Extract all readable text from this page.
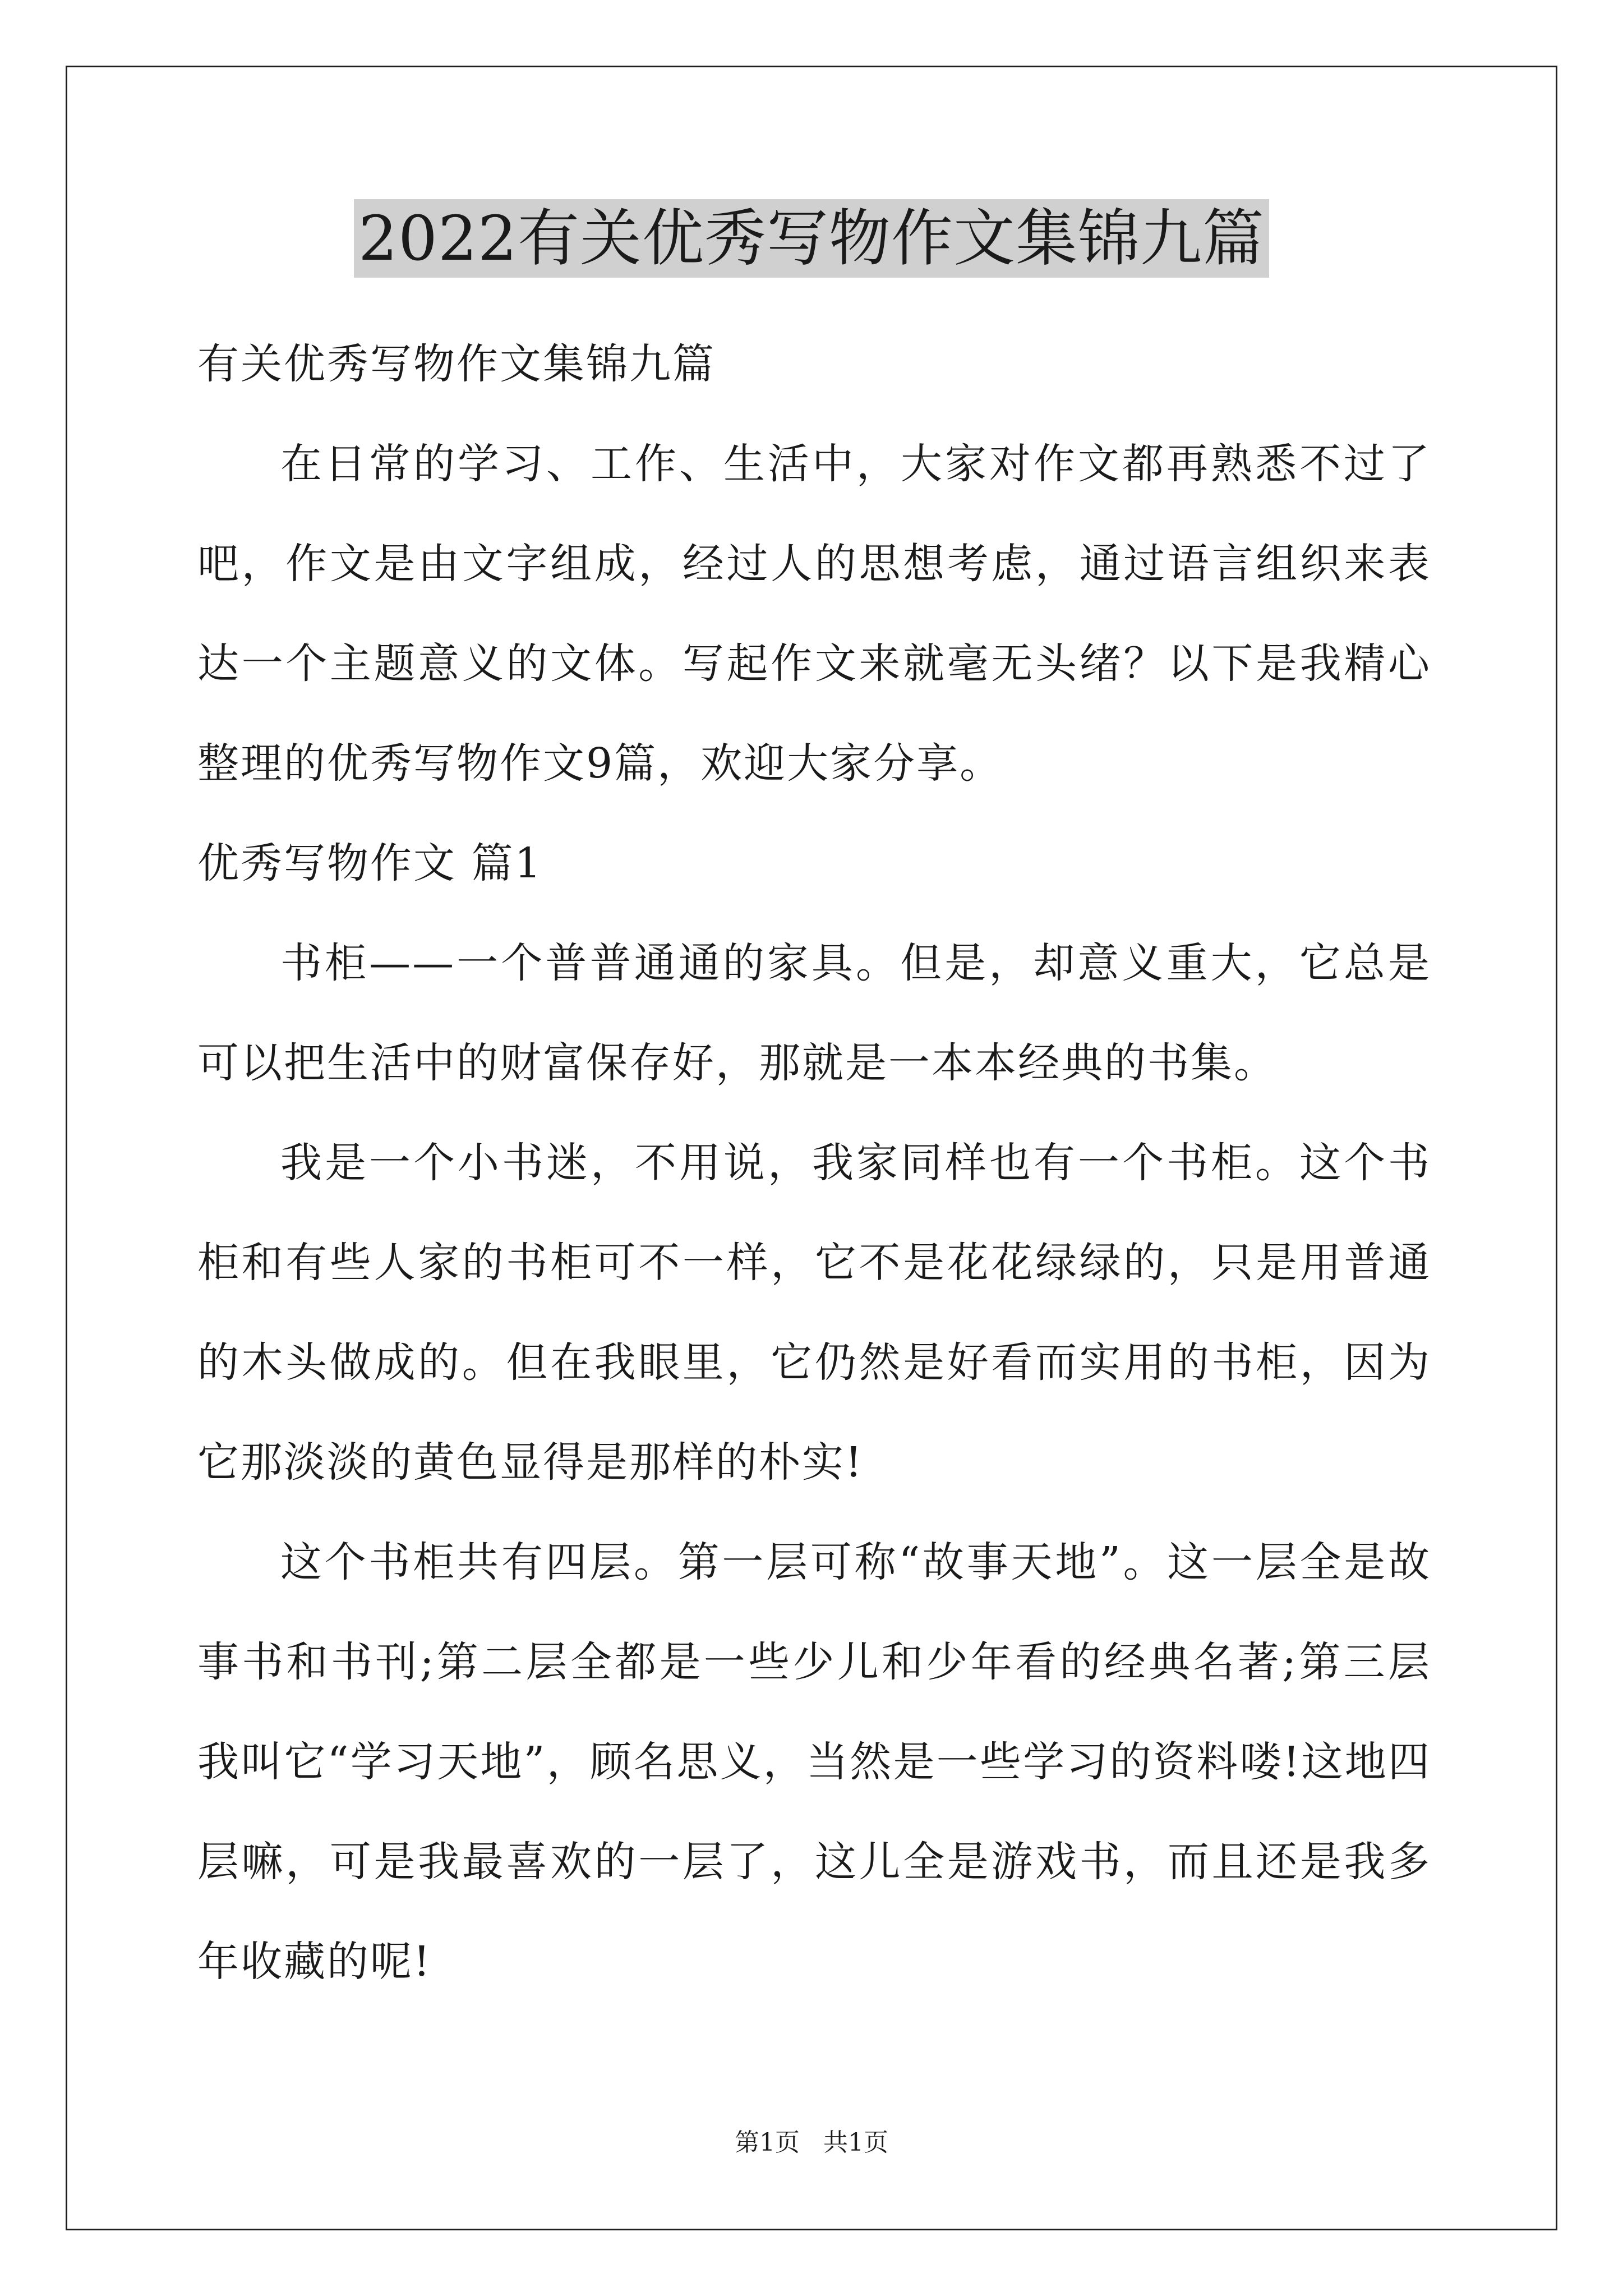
2022有关优秀写物作文集锦九篇

有关优秀写物作文集锦九篇

在日常的学习、工作、生活中，大家对作文都再熟悉不过了吧，作文是由文字组成，经过人的思想考虑，通过语言组织来表达一个主题意义的文体。写起作文来就毫无头绪？以下是我精心整理的优秀写物作文9篇，欢迎大家分享。

优秀写物作文 篇1

书柜——一个普普通通的家具。但是，却意义重大，它总是可以把生活中的财富保存好，那就是一本本经典的书集。

我是一个小书迷，不用说，我家同样也有一个书柜。这个书柜和有些人家的书柜可不一样，它不是花花绿绿的，只是用普通的木头做成的。但在我眼里，它仍然是好看而实用的书柜，因为它那淡淡的黄色显得是那样的朴实!

这个书柜共有四层。第一层可称“故事天地”。这一层全是故事书和书刊;第二层全都是一些少儿和少年看的经典名著;第三层我叫它“学习天地”，顾名思义，当然是一些学习的资料喽!这地四层嘛，可是我最喜欢的一层了，这儿全是游戏书，而且还是我多年收藏的呢!

第1页 共1页
